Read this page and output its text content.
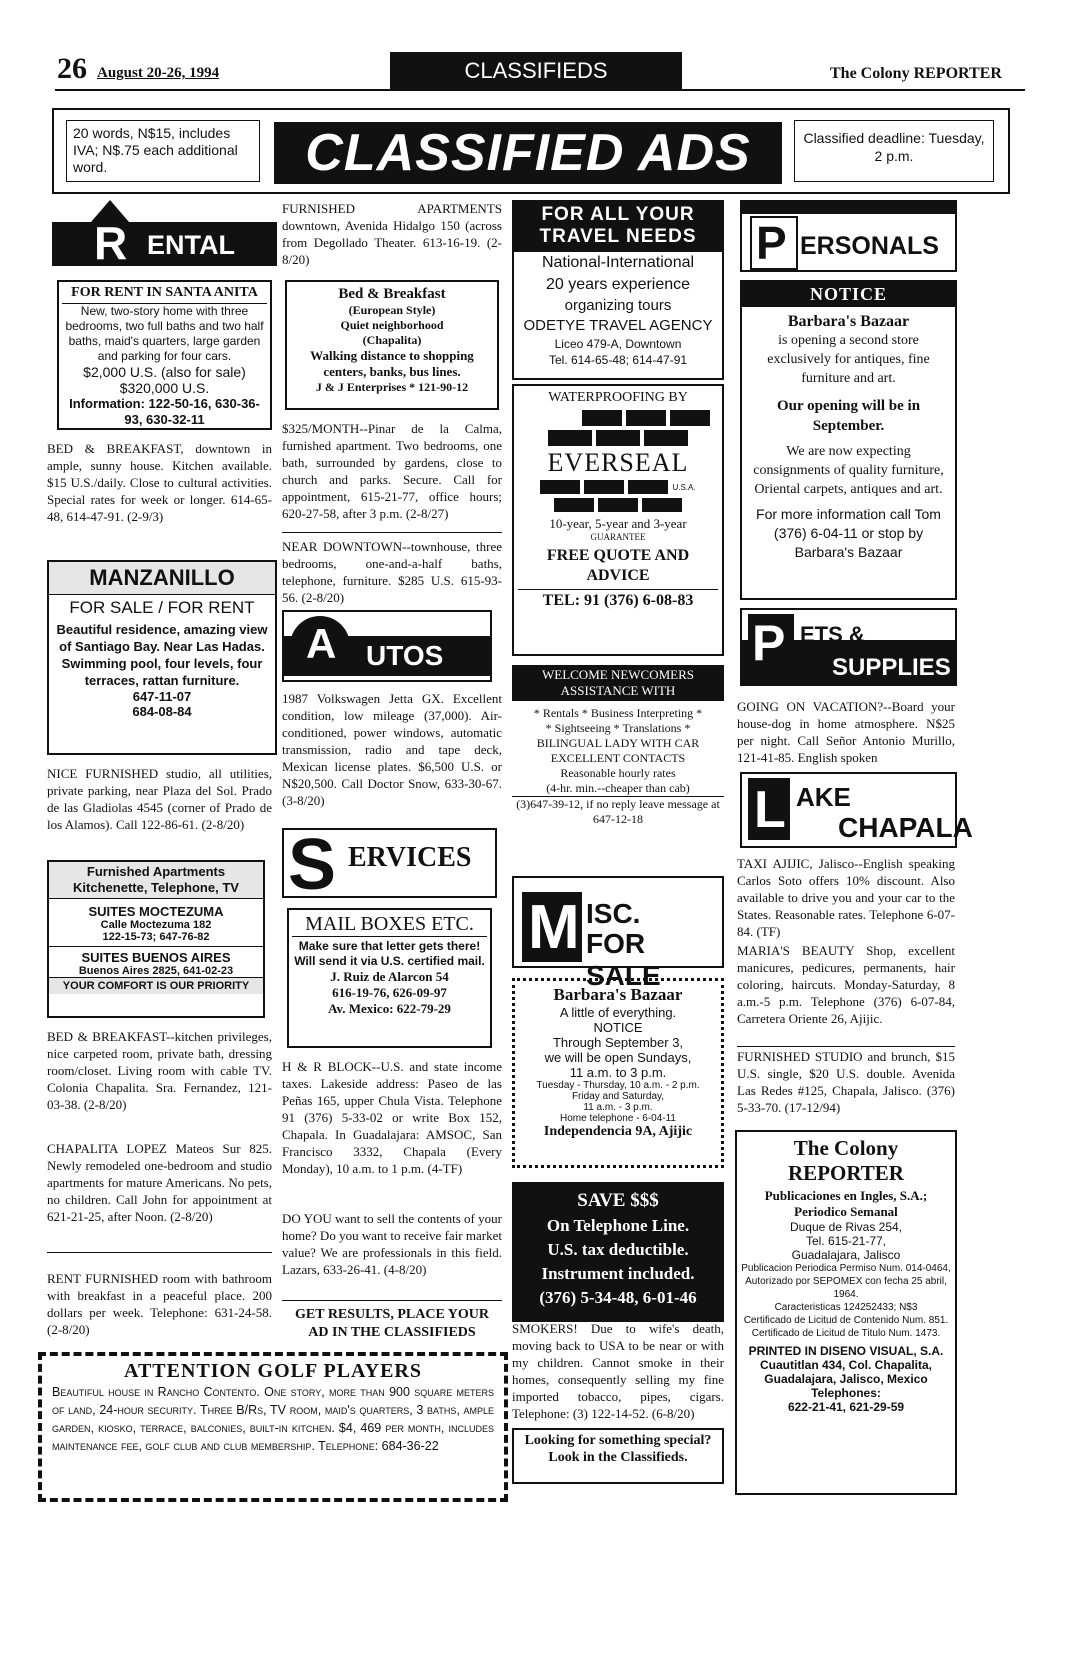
26 August 20-26, 1994	CLASSIFIEDS	The Colony REPORTER
20 words, N$15, includes IVA; N$.75 each additional word.	CLASSIFIED ADS	Classified deadline: Tuesday, 2 p.m.
R ENTAL
FOR RENT IN SANTA ANITA
New, two-story home with three bedrooms, two full baths and two half baths, maid's quarters, large garden and parking for four cars.
$2,000 U.S. (also for sale)
$320,000 U.S.
Information: 122-50-16, 630-36-93, 630-32-11

BED & BREAKFAST, downtown in ample, sunny house. Kitchen available. $15 U.S./daily. Close to cultural activities. Special rates for week or longer. 614-65-48, 614-47-91. (2-9/3)

MANZANILLO
FOR SALE / FOR RENT
Beautiful residence, amazing view of Santiago Bay. Near Las Hadas. Swimming pool, four levels, four terraces, rattan furniture.
647-11-07
684-08-84

NICE FURNISHED studio, all utilities, private parking, near Plaza del Sol. Prado de las Gladiolas 4545 (corner of Prado de los Alamos). Call 122-86-61. (2-8/20)

Furnished Apartments Kitchenette, Telephone, TV
SUITES MOCTEZUMA
Calle Moctezuma 182
122-15-73; 647-76-82
SUITES BUENOS AIRES
Buenos Aires 2825, 641-02-23
YOUR COMFORT IS OUR PRIORITY

BED & BREAKFAST--kitchen privileges, nice carpeted room, private bath, dressing room/closet. Living room with cable TV. Colonia Chapalita. Sra. Fernandez, 121-03-38. (2-8/20)

CHAPALITA LOPEZ Mateos Sur 825. Newly remodeled one-bedroom and studio apartments for mature Americans. No pets, no children. Call John for appointment at 621-21-25, after Noon. (2-8/20)

RENT FURNISHED room with bathroom with breakfast in a peaceful place. 200 dollars per week. Telephone: 631-24-58. (2-8/20)

FURNISHED APARTMENTS downtown, Avenida Hidalgo 150 (across from Degollado Theater. 613-16-19. (2-8/20)

Bed & Breakfast
(European Style)
Quiet neighborhood
(Chapalita)
Walking distance to shopping centers, banks, bus lines.
J & J Enterprises * 121-90-12

$325/MONTH--Pinar de la Calma, furnished apartment. Two bedrooms, one bath, surrounded by gardens, close to church and parks. Secure. Call for appointment, 615-21-77, office hours; 620-27-58, after 3 p.m. (2-8/27)

NEAR DOWNTOWN--townhouse, three bedrooms, one-and-a-half baths, telephone, furniture. $285 U.S. 615-93-56. (2-8/20)

A UTOS

1987 Volkswagen Jetta GX. Excellent condition, low mileage (37,000). Air-conditioned, power windows, automatic transmission, radio and tape deck, Mexican license plates. $6,500 U.S. or N$20,500. Call Doctor Snow, 633-30-67. (3-8/20)

S ERVICES
MAIL BOXES ETC.
Make sure that letter gets there! Will send it via U.S. certified mail.
J. Ruiz de Alarcon 54
616-19-76, 626-09-97
Av. Mexico: 622-79-29

H & R BLOCK--U.S. and state income taxes. Lakeside address: Paseo de las Peñas 165, upper Chula Vista. Telephone 91 (376) 5-33-02 or write Box 152, Chapala. In Guadalajara: AMSOC, San Francisco 3332, Chapala (Every Monday), 10 a.m. to 1 p.m. (4-TF)

DO YOU want to sell the contents of your home? Do you want to receive fair market value? We are professionals in this field. Lazars, 633-26-41. (4-8/20)

GET RESULTS, PLACE YOUR AD IN THE CLASSIFIEDS

FOR ALL YOUR
TRAVEL NEEDS
National-International
20 years experience
organizing tours
ODETYE TRAVEL AGENCY
Liceo 479-A, Downtown
Tel. 614-65-48; 614-47-91
WATERPROOFING BY
EVERSEAL
U.S.A.
10-year, 5-year and 3-year
GUARANTEE
FREE QUOTE AND ADVICE
TEL: 91 (376) 6-08-83
WELCOME NEWCOMERS ASSISTANCE WITH
* Rentals * Business Interpreting *
* Sightseeing * Translations *
BILINGUAL LADY WITH CAR
EXCELLENT CONTACTS
Reasonable hourly rates
(4-hr. min.--cheaper than cab)
(3)647-39-12, if no reply leave message at 647-12-18
M ISC.
FOR SALE
Barbara's Bazaar
A little of everything.
NOTICE
Through September 3,
we will be open Sundays,
11 a.m. to 3 p.m.
Tuesday - Thursday, 10 a.m. - 2 p.m.
Friday and Saturday,
11 a.m. - 3 p.m.
Home telephone - 6-04-11
Independencia 9A, Ajijic
SAVE $$$
On Telephone Line.
U.S. tax deductible.
Instrument included.
(376) 5-34-48, 6-01-46

SMOKERS! Due to wife's death, moving back to USA to be near or with my children. Cannot smoke in their homes, consequently selling my fine imported tobacco, pipes, cigars. Telephone: (3) 122-14-52. (6-8/20)

Looking for something special?
Look in the Classifieds.
P ERSONALS
NOTICE
Barbara's Bazaar
is opening a second store exclusively for antiques, fine furniture and art.
Our opening will be in September.
We are now expecting consignments of quality furniture, Oriental carpets, antiques and art.
For more information call Tom (376) 6-04-11 or stop by Barbara's Bazaar
P ETS &
SUPPLIES

GOING ON VACATION?--Board your house-dog in home atmosphere. N$25 per night. Call Señor Antonio Murillo, 121-41-85. English spoken

L AKE
CHAPALA

TAXI AJIJIC, Jalisco--English speaking Carlos Soto offers 10% discount. Also available to drive you and your car to the States. Reasonable rates. Telephone 6-07-84. (TF)

MARIA'S BEAUTY Shop, excellent manicures, pedicures, permanents, hair coloring, haircuts. Monday-Saturday, 8 a.m.-5 p.m. Telephone (376) 6-07-84, Carretera Oriente 26, Ajijic.

FURNISHED STUDIO and brunch, $15 U.S. single, $20 U.S. double. Avenida Las Redes #125, Chapala, Jalisco. (376) 5-33-70. (17-12/94)

The Colony
REPORTER
Publicaciones en Ingles, S.A.;
Periodico Semanal
Duque de Rivas 254,
Tel. 615-21-77,
Guadalajara, Jalisco
Publicacion Periodica Permiso Num. 014-0464,
Autorizado por SEPOMEX con fecha 25 abril, 1964.
Caracteristicas 124252433; N$3
Certificado de Licitud de Contenido Num. 851.
Certificado de Licitud de Titulo Num. 1473.
PRINTED IN DISENO VISUAL, S.A.
Cuautitlan 434, Col. Chapalita,
Guadalajara, Jalisco, Mexico
Telephones:
622-21-41, 621-29-59
ATTENTION GOLF PLAYERS
Beautiful house in Rancho Contento. One story, more than 900 square meters of land, 24-hour security. Three B/Rs, TV room, maid's quarters, 3 baths, ample garden, kiosko, terrace, balconies, built-in kitchen. $4, 469 per month, includes maintenance fee, golf club and club membership. Telephone: 684-36-22
